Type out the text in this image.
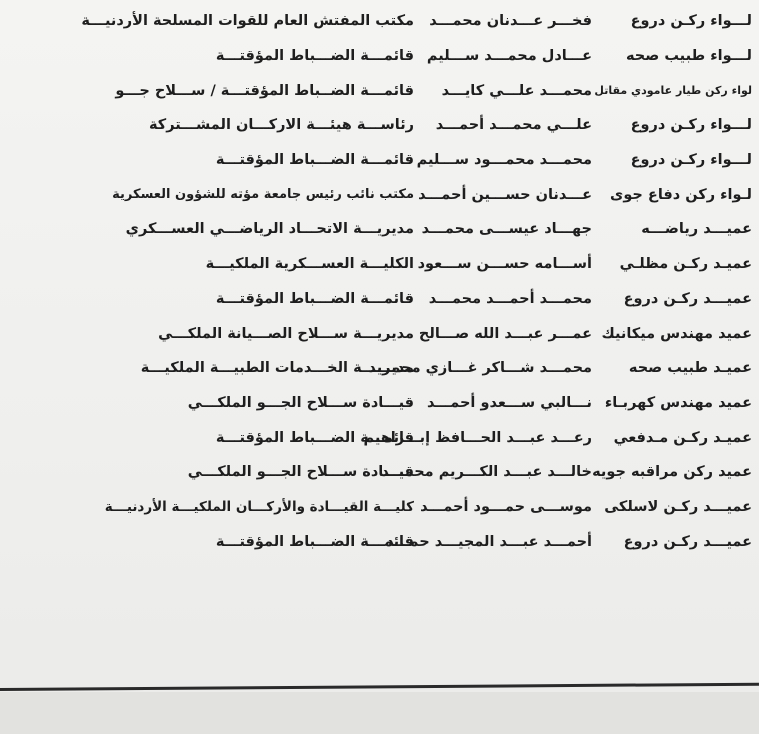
لـــواء ركـن دروع
فخـــر عـــدنان محمـــد
مكتب المفتش العام للقوات المسلحة الأردنيـــة
لـــواء طبيب صحه
عـــادل محمـــد ســـليم
قائمـــة الضـــباط المؤقتـــة
لواء ركن طيار عامودي مقاتل
محمـــد علـــي كايـــد
قائمـــة الضــباط المؤقتـــة / ســـلاح جـــو
لـــواء ركـن دروع
علـــي محمـــد أحمـــد
رئاســـة هيئـــة الاركـــان المشـــتركة
لـــواء ركـن دروع
محمـــد محمـــود ســـليم
قائمـــة الضـــباط المؤقتـــة
لـواء ركن دفاع جوى
عـــدنان حســـين أحمـــد
مكتب نائب رئيس جامعة مؤته للشؤون العسكرية
عميـــد رياضـــه
جهـــاد عيســـى محمـــد
مديريـــة الاتحـــاد الرياضـــي العســـكري
عميـد ركـن مظلـي
أســـامه حســـن ســـعود
الكليـــة العســـكرية الملكيـــة
عميـــد ركـن دروع
محمـــد أحمـــد محمـــد
قائمـــة الضـــباط المؤقتـــة
عميد مهندس ميكانيك
عمـــر عبـــد الله صـــالح
مديريـــة ســـلاح الصـــيانة الملكـــي
عميـد طبيب صحه
محمـــد شـــاكر غـــازي محمـــد
مديريـــة الخـــدمات الطبيـــة الملكيـــة
عميد مهندس كهربـاء
نـــالبي ســـعدو أحمـــد
قيـــادة ســـلاح الجـــو الملكـــي
عميـد ركـن مـدفعي
رعـــد عبـــد الحـــافظ إبـــراهيم
قائمـــة الضـــباط المؤقتـــة
عميد ركن مراقبه جويه
خالـــد عبـــد الكـــريم محمـــد
قيـــادة ســـلاح الجـــو الملكـــي
عميـــد ركـن لاسلكى
موســـى حمـــود أحمـــد
كليـــة القيـــادة والأركـــان الملكيـــة الأردنيـــة
عميـــد ركـن دروع
أحمـــد عبـــد المجيـــد حمـــد
قائمـــة الضـــباط المؤقتـــة
